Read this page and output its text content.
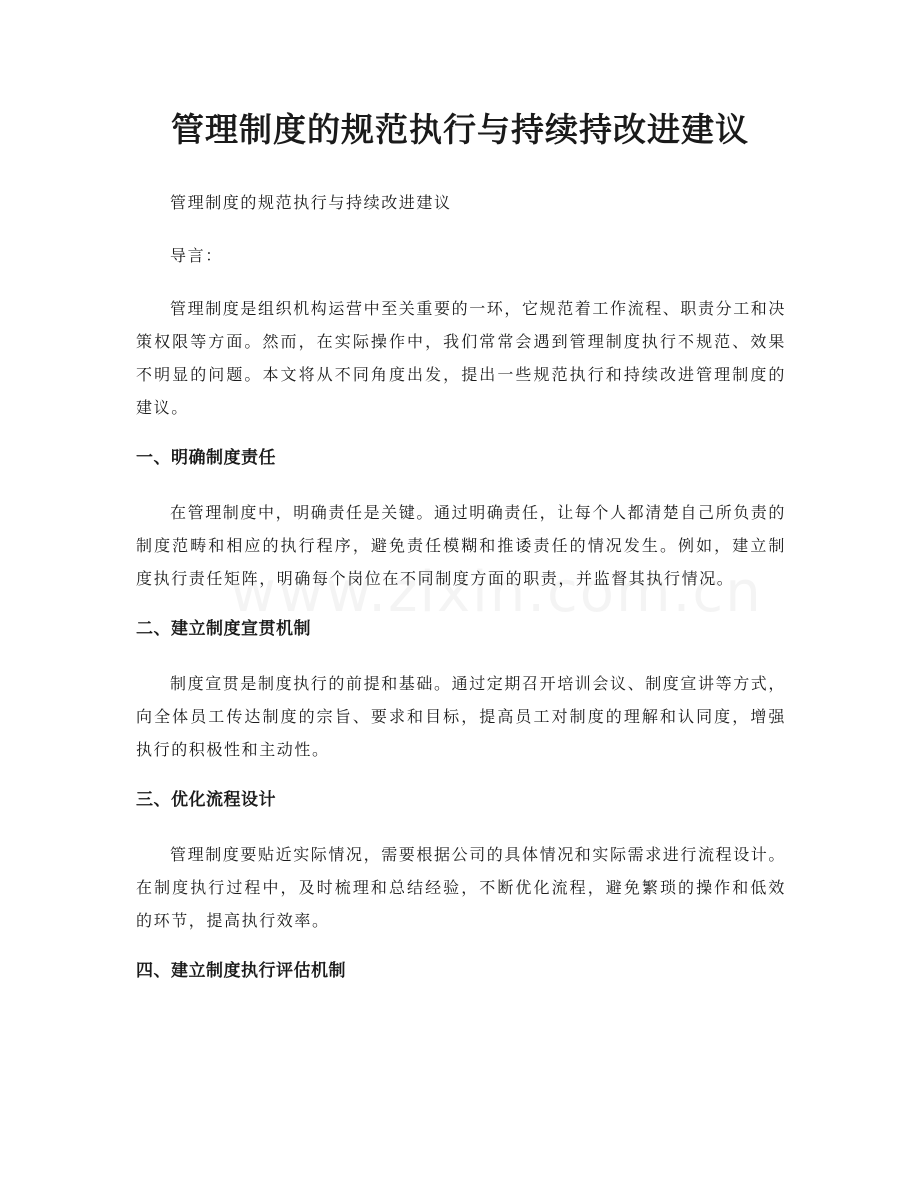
管理制度的规范执行与持续持改进建议

管理制度的规范执行与持续改进建议

导言：

管理制度是组织机构运营中至关重要的一环，它规范着工作流程、职责分工和决策权限等方面。然而，在实际操作中，我们常常会遇到管理制度执行不规范、效果不明显的问题。本文将从不同角度出发，提出一些规范执行和持续改进管理制度的建议。

一、明确制度责任

在管理制度中，明确责任是关键。通过明确责任，让每个人都清楚自己所负责的制度范畴和相应的执行程序，避免责任模糊和推诿责任的情况发生。例如，建立制度执行责任矩阵，明确每个岗位在不同制度方面的职责，并监督其执行情况。

二、建立制度宣贯机制

制度宣贯是制度执行的前提和基础。通过定期召开培训会议、制度宣讲等方式，向全体员工传达制度的宗旨、要求和目标，提高员工对制度的理解和认同度，增强执行的积极性和主动性。

三、优化流程设计

管理制度要贴近实际情况，需要根据公司的具体情况和实际需求进行流程设计。在制度执行过程中，及时梳理和总结经验，不断优化流程，避免繁琐的操作和低效的环节，提高执行效率。

四、建立制度执行评估机制
